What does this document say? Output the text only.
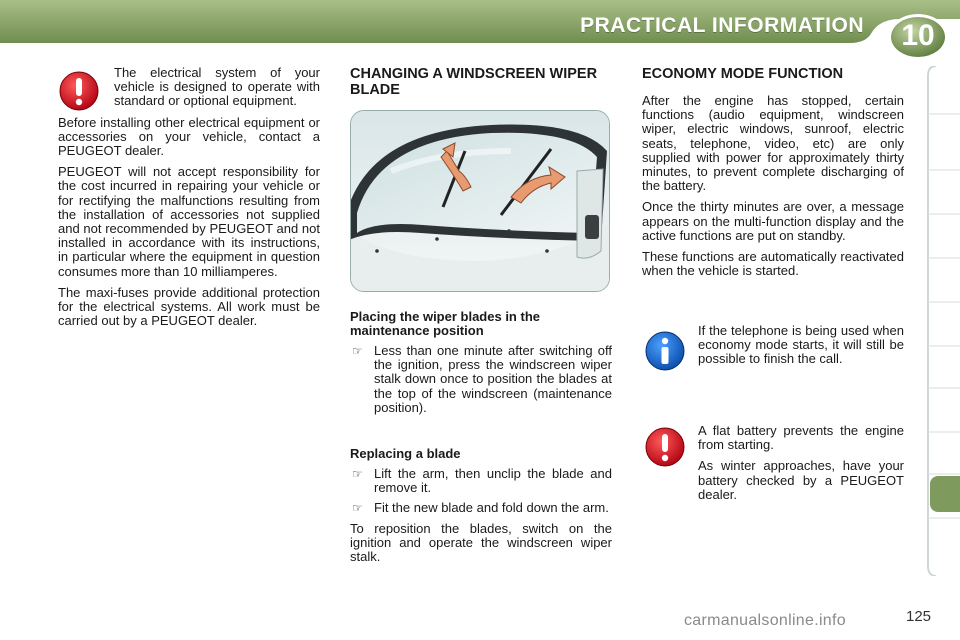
PRACTICAL INFORMATION	10

The electrical system of your vehicle is designed to operate with standard or optional equipment.

Before installing other electrical equipment or accessories on your vehicle, contact a PEUGEOT dealer.

PEUGEOT will not accept responsibility for the cost incurred in repairing your vehicle or for rectifying the malfunctions resulting from the installation of accessories not supplied and not recommended by PEUGEOT and not installed in accordance with its instructions, in particular where the equipment in question consumes more than 10 milliamperes.

The maxi-fuses provide additional protection for the electrical systems. All work must be carried out by a PEUGEOT dealer.

CHANGING A WINDSCREEN WIPER BLADE
Placing the wiper blades in the maintenance position
☞ Less than one minute after switching off the ignition, press the windscreen wiper stalk down once to position the blades at the top of the windscreen (maintenance position).
Replacing a blade
☞ Lift the arm, then unclip the blade and remove it.
☞ Fit the new blade and fold down the arm.

To reposition the blades, switch on the ignition and operate the windscreen wiper stalk.

ECONOMY MODE FUNCTION

After the engine has stopped, certain functions (audio equipment, windscreen wiper, electric windows, sunroof, electric seats, telephone, video, etc) are only supplied with power for approximately thirty minutes, to prevent complete discharging of the battery.

Once the thirty minutes are over, a message appears on the multi-function display and the active functions are put on standby.

These functions are automatically reactivated when the vehicle is started.

If the telephone is being used when economy mode starts, it will still be possible to finish the call.

A flat battery prevents the engine from starting.

As winter approaches, have your battery checked by a PEUGEOT dealer.

carmanualsonline.info	125
